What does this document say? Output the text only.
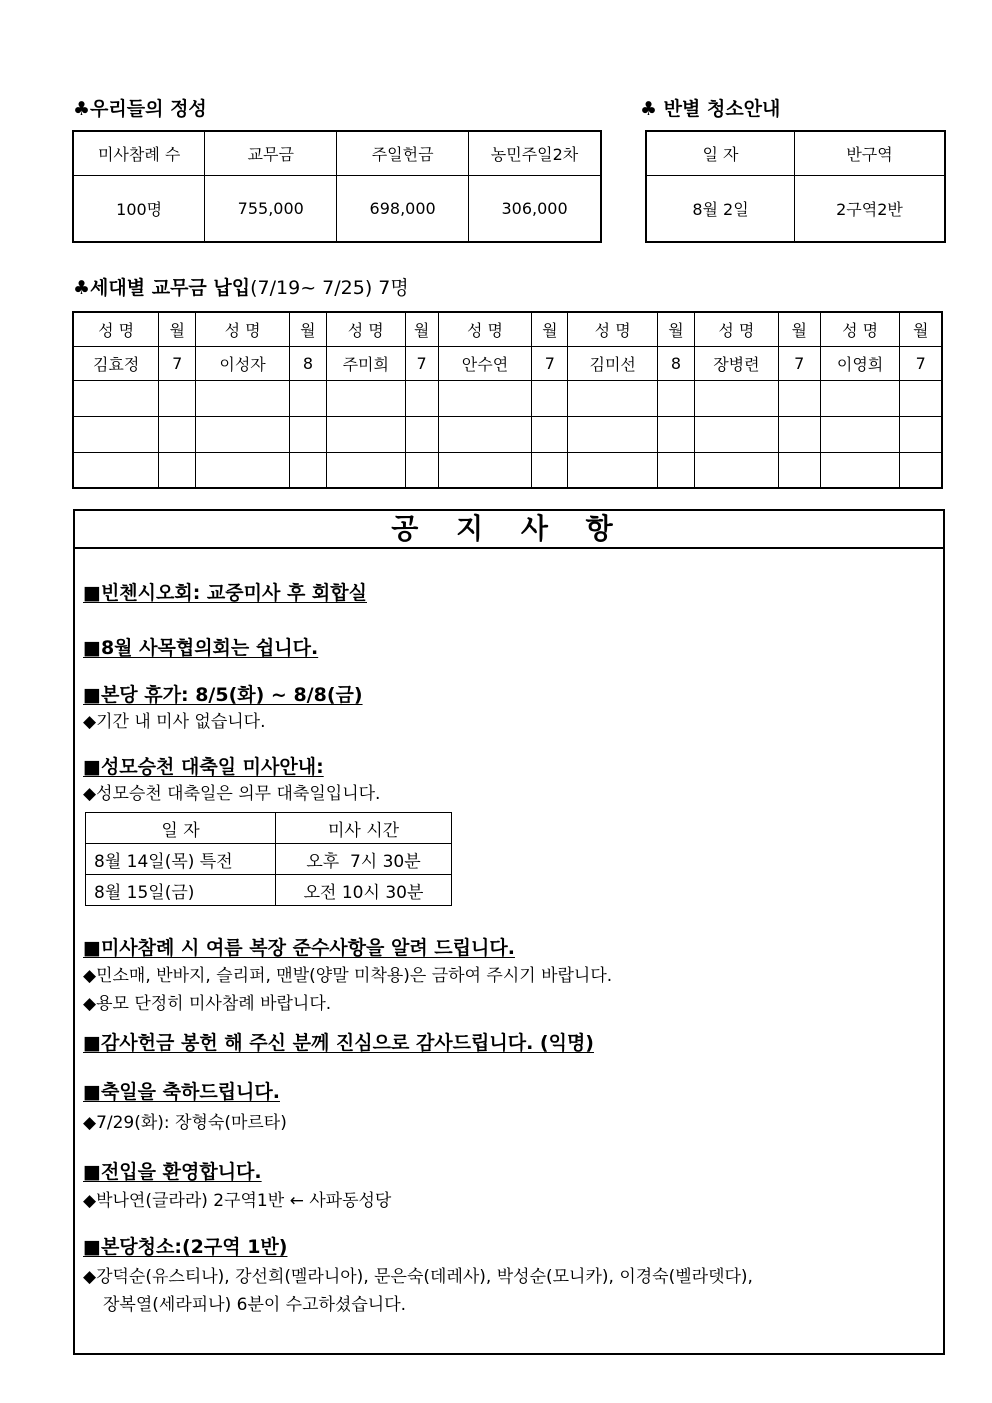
♣우리들의 정성
미사참례 수	교무금	주일헌금	농민주일2차
100명	755,000	698,000	306,000
♣ 반별 청소안내
일 자	반구역
8월 2일	2구역2반
♣세대별 교무금 납입(7/19~ 7/25) 7명
성 명	월	성 명	월	성 명	월	성 명	월	성 명	월	성 명	월	성 명	월
김효정	7	이성자	8	주미희	7	안수연	7	김미선	8	장병련	7	이영희	7

공 지 사 항
■빈첸시오회: 교중미사 후 회합실
■8월 사목협의회는 쉽니다.
■본당 휴가: 8/5(화) ~ 8/8(금)
◆기간 내 미사 없습니다.
■성모승천 대축일 미사안내:
◆성모승천 대축일은 의무 대축일입니다.
일 자	미사 시간
8월 14일(목) 특전	오후  7시 30분
8월 15일(금)	오전 10시 30분
■미사참례 시 여름 복장 준수사항을 알려 드립니다.
◆민소매, 반바지, 슬리퍼, 맨발(양말 미착용)은 금하여 주시기 바랍니다.
◆용모 단정히 미사참례 바랍니다.
■감사헌금 봉헌 해 주신 분께 진심으로 감사드립니다. (익명)
■축일을 축하드립니다.
◆7/29(화): 장형숙(마르타)
■전입을 환영합니다.
◆박나연(글라라) 2구역1반 ← 사파동성당
■본당청소:(2구역 1반)
◆강덕순(유스티나), 강선희(멜라니아), 문은숙(데레사), 박성순(모니카), 이경숙(벨라뎃다),
장복열(세라피나) 6분이 수고하셨습니다.
